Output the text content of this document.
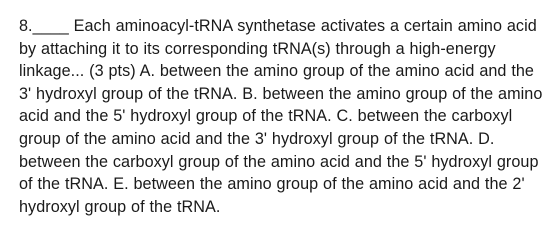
8.____ Each aminoacyl-tRNA synthetase activates a certain amino acid by attaching it to its corresponding tRNA(s) through a high-energy linkage... (3 pts) A. between the amino group of the amino acid and the 3' hydroxyl group of the tRNA. B. between the amino group of the amino acid and the 5' hydroxyl group of the tRNA. C. between the carboxyl group of the amino acid and the 3' hydroxyl group of the tRNA. D. between the carboxyl group of the amino acid and the 5' hydroxyl group of the tRNA. E. between the amino group of the amino acid and the 2' hydroxyl group of the tRNA.
